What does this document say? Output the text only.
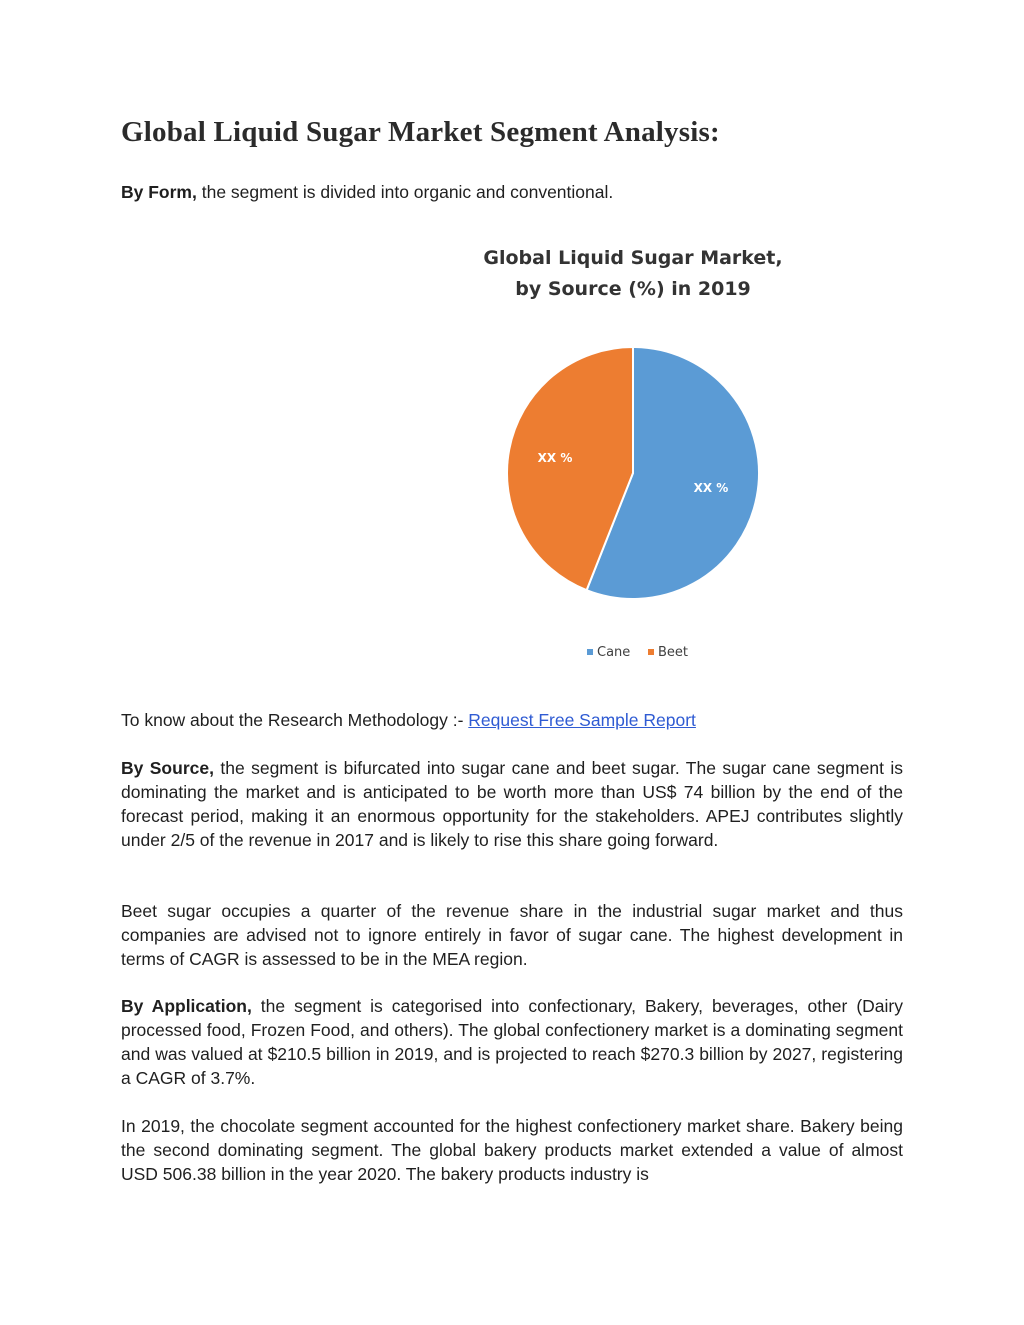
Global Liquid Sugar Market Segment Analysis:

By Form, the segment is divided into organic and conventional.

Global Liquid Sugar Market,
by Source (%) in 2019
XX %
XX %
Cane Beet

To know about the Research Methodology :- Request Free Sample Report

By Source, the segment is bifurcated into sugar cane and beet sugar. The sugar cane segment is dominating the market and is anticipated to be worth more than US$ 74 billion by the end of the forecast period, making it an enormous opportunity for the stakeholders. APEJ contributes slightly under 2/5 of the revenue in 2017 and is likely to rise this share going forward.

Beet sugar occupies a quarter of the revenue share in the industrial sugar market and thus companies are advised not to ignore entirely in favor of sugar cane. The highest development in terms of CAGR is assessed to be in the MEA region.

By Application, the segment is categorised into confectionary, Bakery, beverages, other (Dairy processed food, Frozen Food, and others). The global confectionery market is a dominating segment and was valued at $210.5 billion in 2019, and is projected to reach $270.3 billion by 2027, registering a CAGR of 3.7%.

In 2019, the chocolate segment accounted for the highest confectionery market share. Bakery being the second dominating segment. The global bakery products market extended a value of almost USD 506.38 billion in the year 2020. The bakery products industry is
